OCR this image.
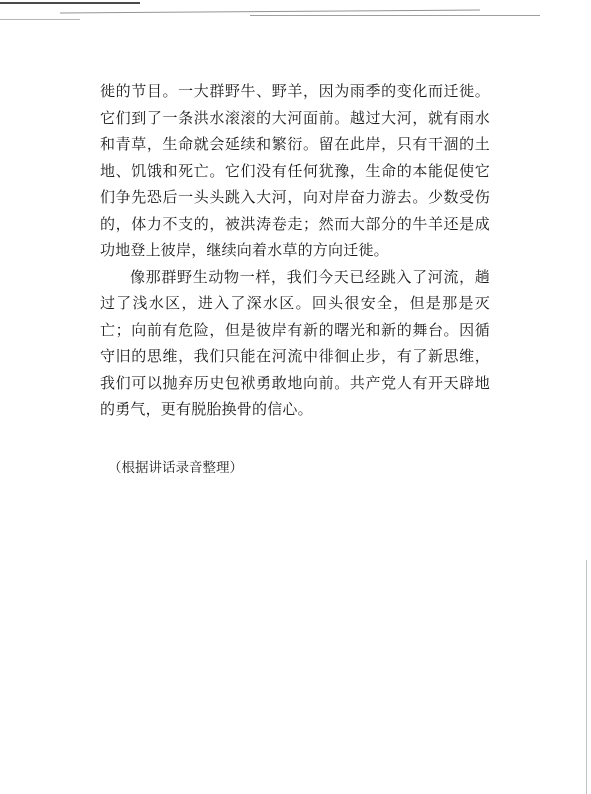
徙的节目。一大群野牛、野羊，因为雨季的变化而迁徙。它们到了一条洪水滚滚的大河面前。越过大河，就有雨水和青草，生命就会延续和繁衍。留在此岸，只有干涸的土地、饥饿和死亡。它们没有任何犹豫，生命的本能促使它们争先恐后一头头跳入大河，向对岸奋力游去。少数受伤的，体力不支的，被洪涛卷走；然而大部分的牛羊还是成功地登上彼岸，继续向着水草的方向迁徙。

像那群野生动物一样，我们今天已经跳入了河流，趟过了浅水区，进入了深水区。回头很安全，但是那是灭亡；向前有危险，但是彼岸有新的曙光和新的舞台。因循守旧的思维，我们只能在河流中徘徊止步，有了新思维，我们可以抛弃历史包袱勇敢地向前。共产党人有开天辟地的勇气，更有脱胎换骨的信心。

（根据讲话录音整理）
